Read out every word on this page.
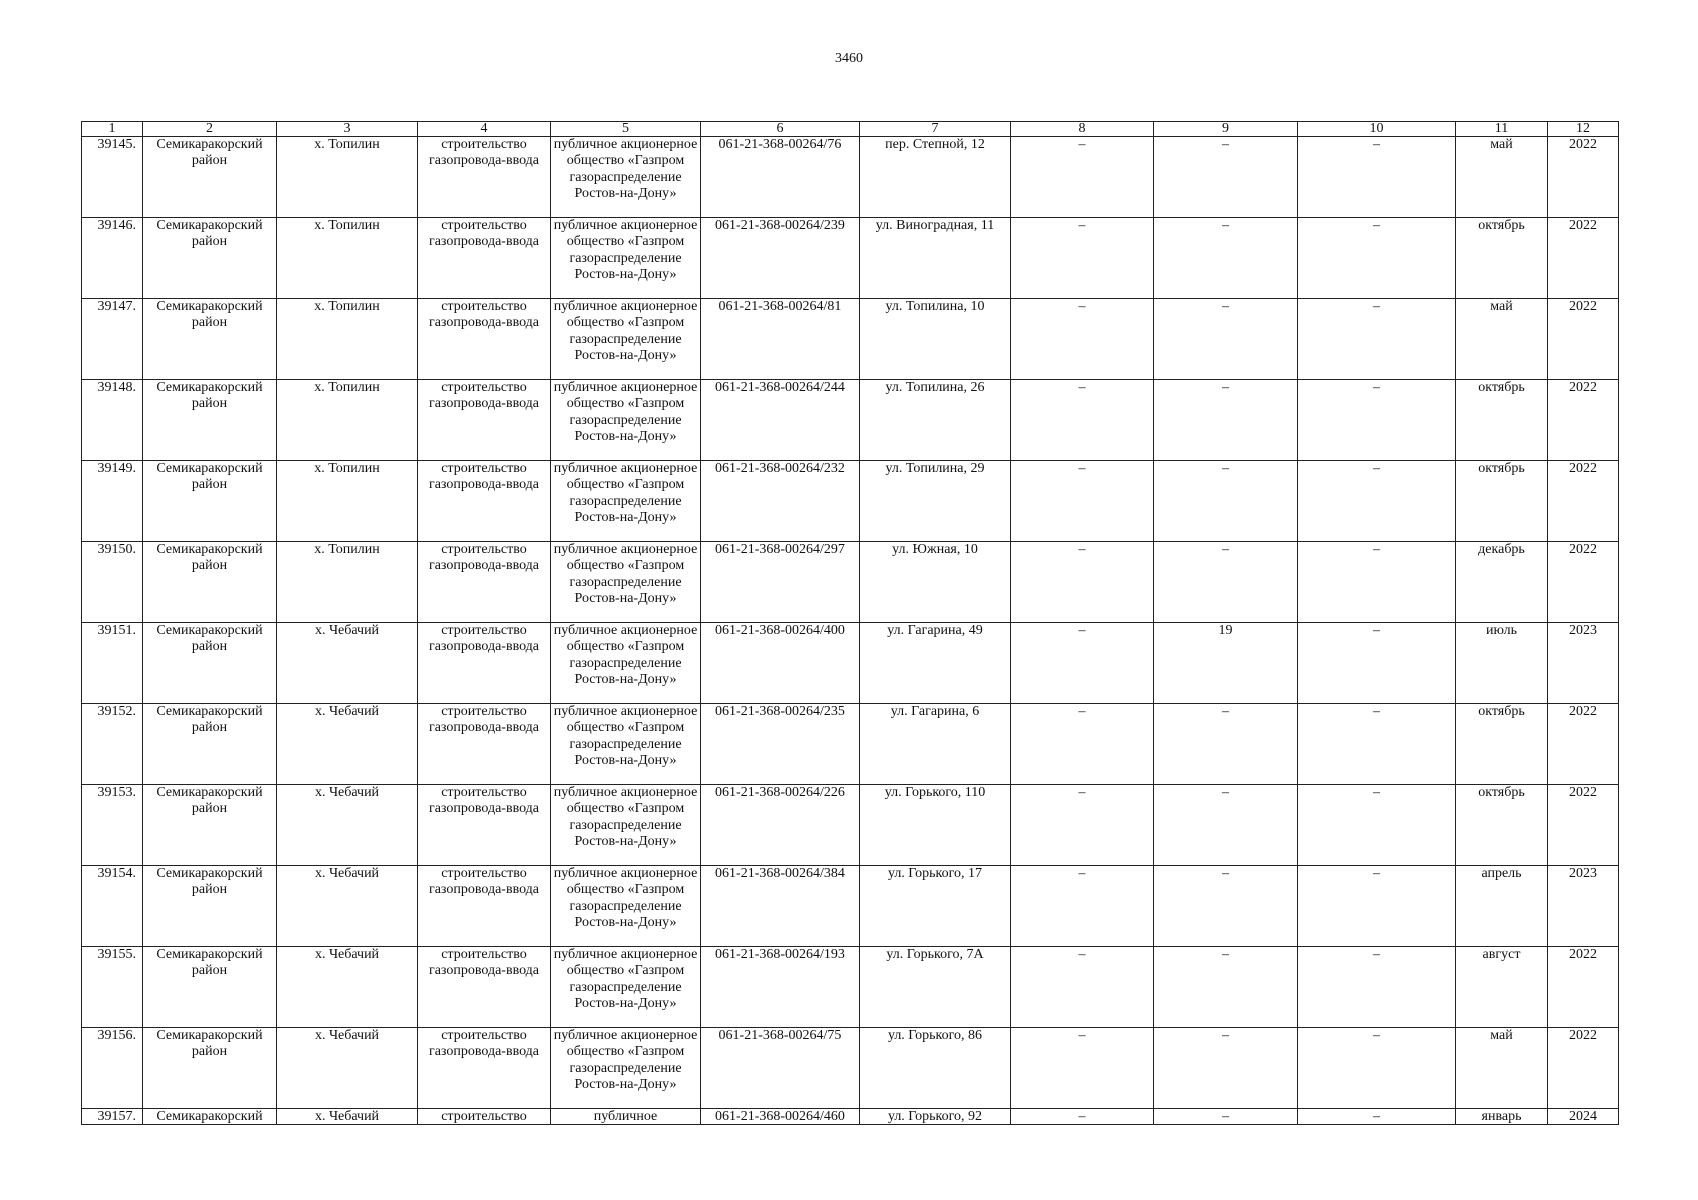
3460
1	2	3	4	5	6	7	8	9	10	11	12
39145.	Семикаракорский район	х. Топилин	строительство газопровода-ввода	публичное акционерное общество «Газпром газораспределение Ростов-на-Дону»	061-21-368-00264/76	пер. Степной, 12	–	–	–	май	2022
39146.	Семикаракорский район	х. Топилин	строительство газопровода-ввода	публичное акционерное общество «Газпром газораспределение Ростов-на-Дону»	061-21-368-00264/239	ул. Виноградная, 11	–	–	–	октябрь	2022
39147.	Семикаракорский район	х. Топилин	строительство газопровода-ввода	публичное акционерное общество «Газпром газораспределение Ростов-на-Дону»	061-21-368-00264/81	ул. Топилина, 10	–	–	–	май	2022
39148.	Семикаракорский район	х. Топилин	строительство газопровода-ввода	публичное акционерное общество «Газпром газораспределение Ростов-на-Дону»	061-21-368-00264/244	ул. Топилина, 26	–	–	–	октябрь	2022
39149.	Семикаракорский район	х. Топилин	строительство газопровода-ввода	публичное акционерное общество «Газпром газораспределение Ростов-на-Дону»	061-21-368-00264/232	ул. Топилина, 29	–	–	–	октябрь	2022
39150.	Семикаракорский район	х. Топилин	строительство газопровода-ввода	публичное акционерное общество «Газпром газораспределение Ростов-на-Дону»	061-21-368-00264/297	ул. Южная, 10	–	–	–	декабрь	2022
39151.	Семикаракорский район	х. Чебачий	строительство газопровода-ввода	публичное акционерное общество «Газпром газораспределение Ростов-на-Дону»	061-21-368-00264/400	ул. Гагарина, 49	–	19	–	июль	2023
39152.	Семикаракорский район	х. Чебачий	строительство газопровода-ввода	публичное акционерное общество «Газпром газораспределение Ростов-на-Дону»	061-21-368-00264/235	ул. Гагарина, 6	–	–	–	октябрь	2022
39153.	Семикаракорский район	х. Чебачий	строительство газопровода-ввода	публичное акционерное общество «Газпром газораспределение Ростов-на-Дону»	061-21-368-00264/226	ул. Горького, 110	–	–	–	октябрь	2022
39154.	Семикаракорский район	х. Чебачий	строительство газопровода-ввода	публичное акционерное общество «Газпром газораспределение Ростов-на-Дону»	061-21-368-00264/384	ул. Горького, 17	–	–	–	апрель	2023
39155.	Семикаракорский район	х. Чебачий	строительство газопровода-ввода	публичное акционерное общество «Газпром газораспределение Ростов-на-Дону»	061-21-368-00264/193	ул. Горького, 7А	–	–	–	август	2022
39156.	Семикаракорский район	х. Чебачий	строительство газопровода-ввода	публичное акционерное общество «Газпром газораспределение Ростов-на-Дону»	061-21-368-00264/75	ул. Горького, 86	–	–	–	май	2022
39157.	Семикаракорский	х. Чебачий	строительство	публичное	061-21-368-00264/460	ул. Горького, 92	–	–	–	январь	2024
